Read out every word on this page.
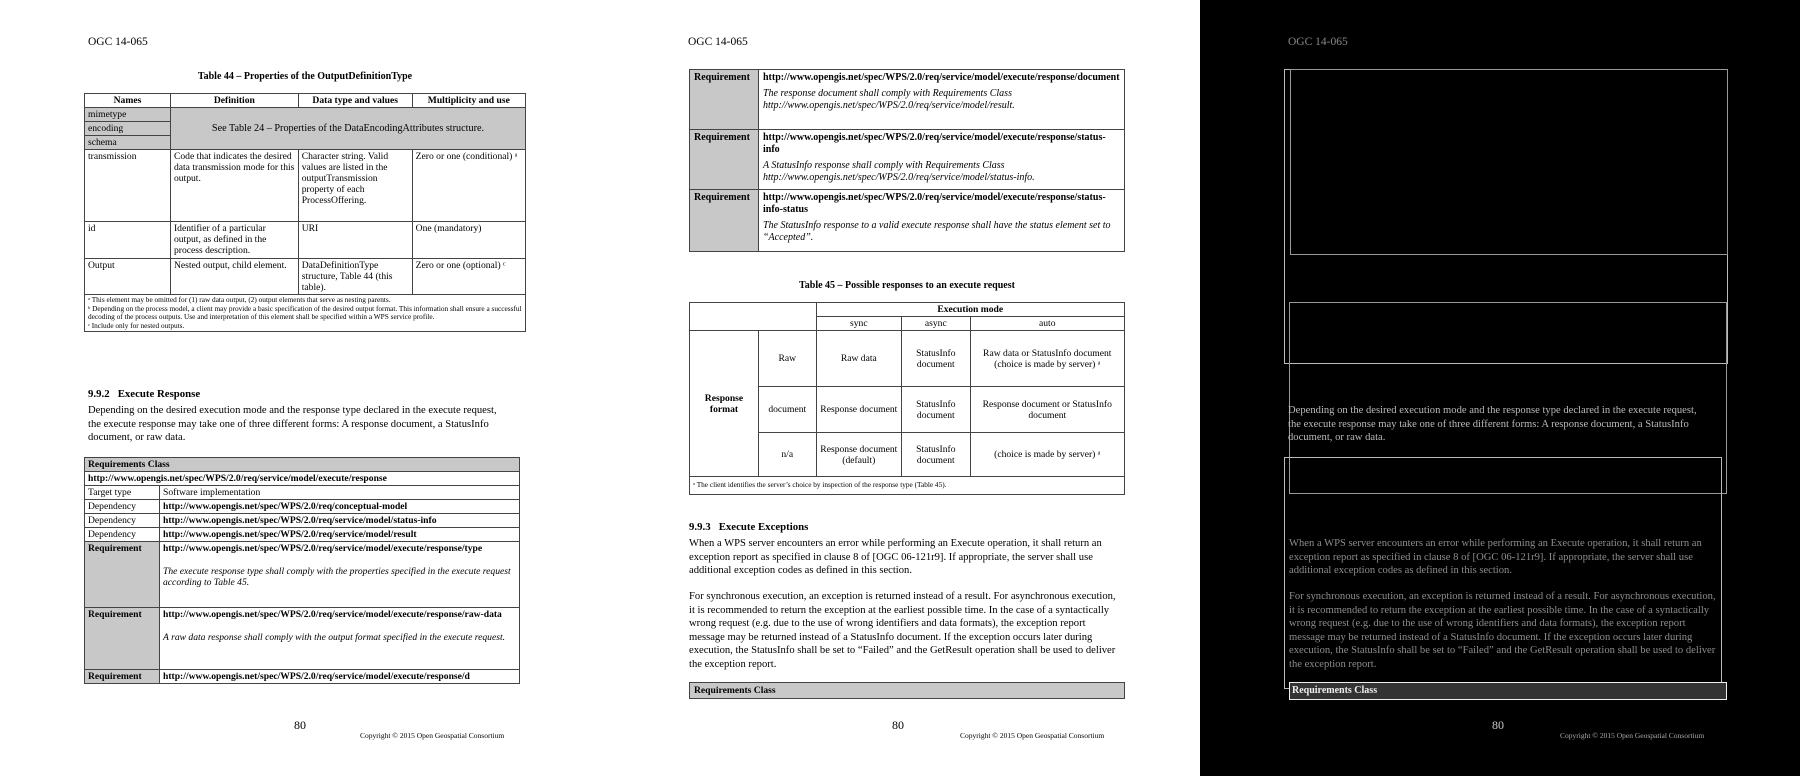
OGC 14-065
Table 44 – Properties of the OutputDefinitionType
Names	Definition	Data type and values	Multiplicity and use
mimetype	See Table 24 – Properties of the DataEncodingAttributes structure.		
encoding			
schema			
transmission	Code that indicates the desired data transmission mode for this output.	Character string. Valid values are listed in the outputTransmission property of each ProcessOffering.	Zero or one (conditional) ᵃ
id	Identifier of a particular output, as defined in the process description.	URI	One (mandatory)
Output	Nested output, child element.	DataDefinitionType structure, Table 44 (this table).	Zero or one (optional) ᶜ

ᵃ This element may be omitted for (1) raw data output, (2) output elements that serve as nesting parents.
ᵇ Depending on the process model, a client may provide a basic specification of the desired output format. This information shall ensure a successful decoding of the process outputs. Use and interpretation of this element shall be specified within a WPS service profile.
ᶜ Include only for nested outputs.			
9.9.2 Execute Response
Depending on the desired execution mode and the response type declared in the execute request, the execute response may take one of three different forms: A response document, a StatusInfo document, or raw data.
Requirements Class	
http://www.opengis.net/spec/WPS/2.0/req/service/model/execute/response	
Target type	Software implementation
Dependency	http://www.opengis.net/spec/WPS/2.0/req/conceptual-model
Dependency	http://www.opengis.net/spec/WPS/2.0/req/service/model/status-info
Dependency	http://www.opengis.net/spec/WPS/2.0/req/service/model/result
Requirement	http://www.opengis.net/spec/WPS/2.0/req/service/model/execute/response/type
The execute response type shall comply with the properties specified in the execute request according to Table 45.

Requirement	http://www.opengis.net/spec/WPS/2.0/req/service/model/execute/response/raw-data
A raw data response shall comply with the output format specified in the execute request.

Requirement	http://www.opengis.net/spec/WPS/2.0/req/service/model/execute/response/d
80
Copyright © 2015 Open Geospatial Consortium
OGC 14-065
Requirement	http://www.opengis.net/spec/WPS/2.0/req/service/model/execute/response/document
The response document shall comply with Requirements Class http://www.opengis.net/spec/WPS/2.0/req/service/model/result.

Requirement	http://www.opengis.net/spec/WPS/2.0/req/service/model/execute/response/status-info
A StatusInfo response shall comply with Requirements Class http://www.opengis.net/spec/WPS/2.0/req/service/model/status-info.

Requirement	http://www.opengis.net/spec/WPS/2.0/req/service/model/execute/response/status-info-status
The StatusInfo response to a valid execute response shall have the status element set to “Accepted”.
Table 45 – Possible responses to an execute request
		Execution mode		
		sync	async	auto
Response format	Raw	Raw data	StatusInfo document	Raw data or StatusInfo document (choice is made by server) ᵃ
	document	Response document	StatusInfo document	Response document or StatusInfo document
	n/a	Response document (default)	StatusInfo document	(choice is made by server) ᵃ
ᵃ The client identifies the server’s choice by inspection of the response type (Table 45).				
9.9.3 Execute Exceptions
When a WPS server encounters an error while performing an Execute operation, it shall return an exception report as specified in clause 8 of [OGC 06-121r9]. If appropriate, the server shall use additional exception codes as defined in this section.
For synchronous execution, an exception is returned instead of a result. For asynchronous execution, it is recommended to return the exception at the earliest possible time. In the case of a syntactically wrong request (e.g. due to the use of wrong identifiers and data formats), the exception report message may be returned instead of a StatusInfo document. If the exception occurs later during execution, the StatusInfo shall be set to “Failed” and the GetResult operation shall be used to deliver the exception report.
Requirements Class
80
Copyright © 2015 Open Geospatial Consortium
OGC 14-065
Depending on the desired execution mode and the response type declared in the execute request, the execute response may take one of three different forms: A response document, a StatusInfo document, or raw data.
When a WPS server encounters an error while performing an Execute operation, it shall return an exception report as specified in clause 8 of [OGC 06-121r9]. If appropriate, the server shall use additional exception codes as defined in this section.
For synchronous execution, an exception is returned instead of a result. For asynchronous execution, it is recommended to return the exception at the earliest possible time. In the case of a syntactically wrong request (e.g. due to the use of wrong identifiers and data formats), the exception report message may be returned instead of a StatusInfo document. If the exception occurs later during execution, the StatusInfo shall be set to “Failed” and the GetResult operation shall be used to deliver the exception report.
Requirements Class
80
Copyright © 2015 Open Geospatial Consortium
